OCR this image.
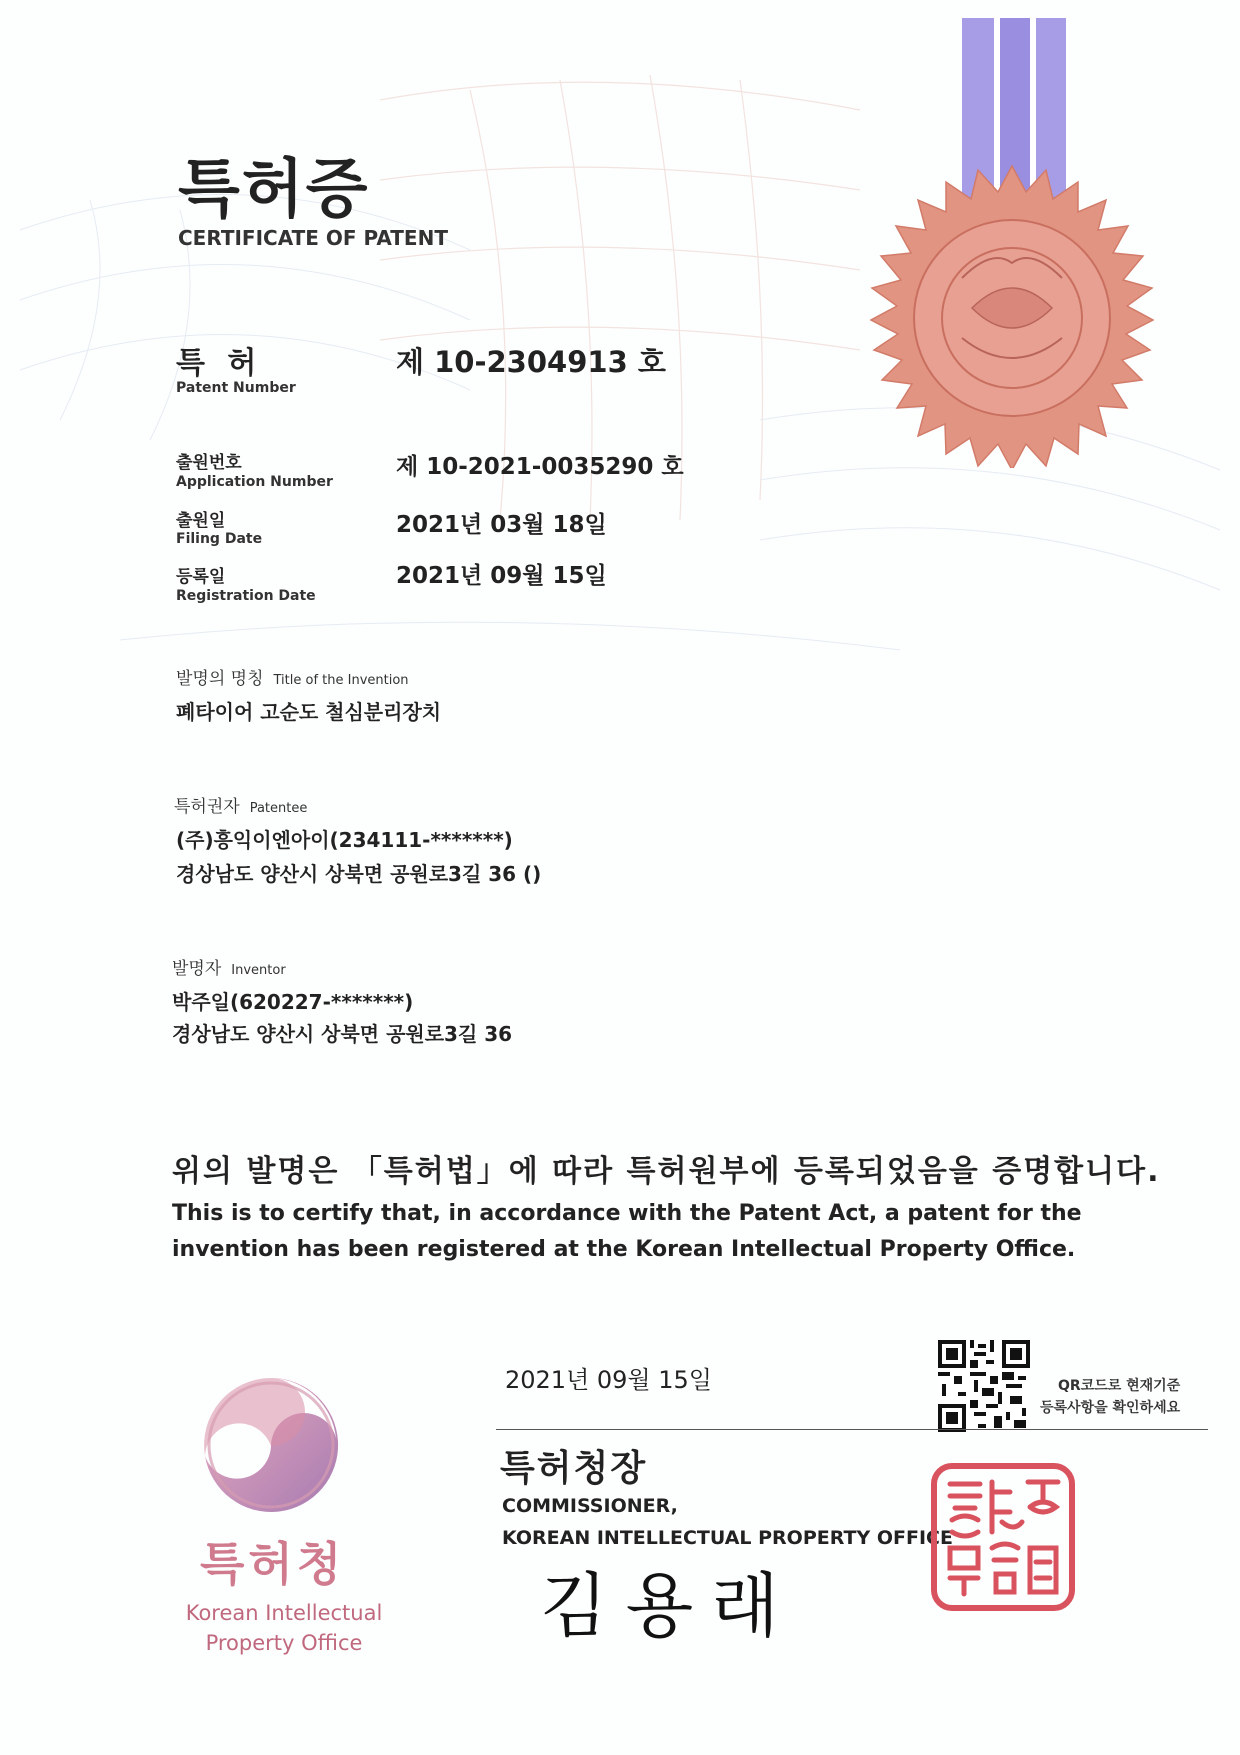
특허증
CERTIFICATE OF PATENT
특 허
Patent Number
제 10-2304913 호
출원번호
Application Number
제 10-2021-0035290 호
출원일
Filing Date
2021년 03월 18일
등록일
Registration Date
2021년 09월 15일
발명의 명칭 Title of the Invention
폐타이어 고순도 철심분리장치
특허권자 Patentee
(주)흥익이엔아이(234111-*******)
경상남도 양산시 상북면 공원로3길 36 ()
발명자 Inventor
박주일(620227-*******)
경상남도 양산시 상북면 공원로3길 36
위의 발명은 「특허법」에 따라 특허원부에 등록되었음을 증명합니다.
This is to certify that, in accordance with the Patent Act, a patent for the invention has been registered at the Korean Intellectual Property Office.
QR코드로 현재기준
등록사항을 확인하세요
2021년 09월 15일
특허청장
COMMISSIONER,
KOREAN INTELLECTUAL PROPERTY OFFICE
김용래
특허청
Korean Intellectual
Property Office
